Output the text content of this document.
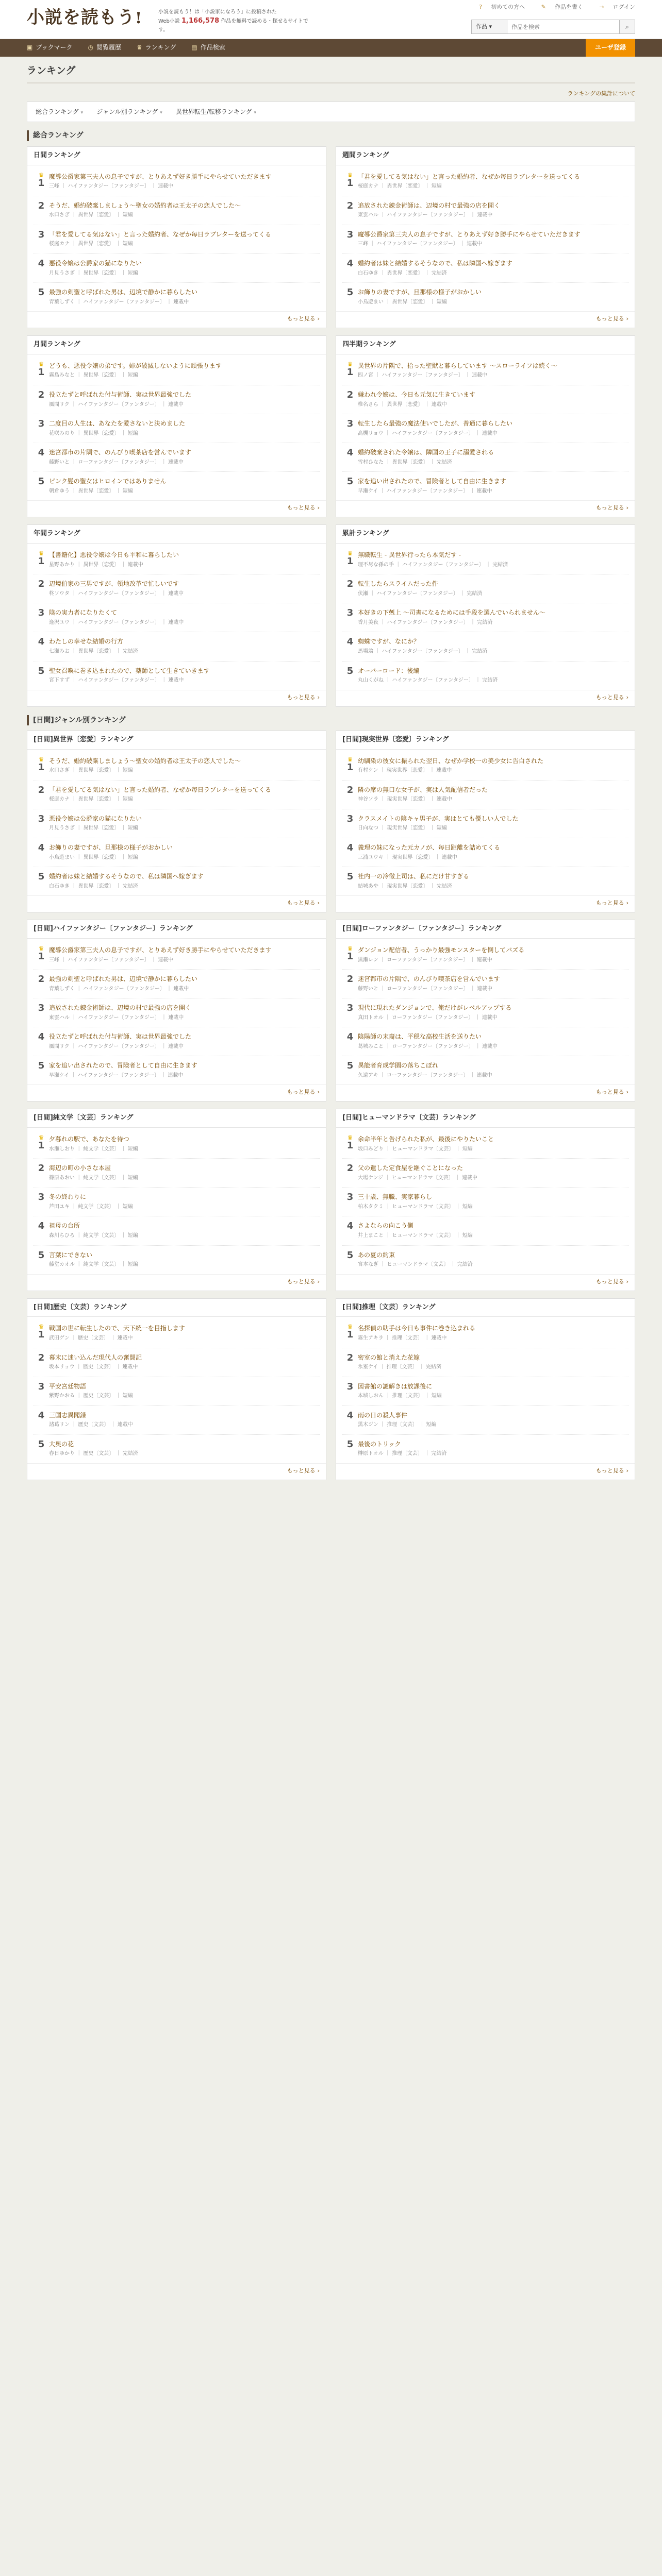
小説を読もう!	小説を読もう！は「小説家になろう」に投稿された
Web小説 1,166,578 作品を無料で読める・探せるサイトです。
? 初めての方へ	✎ 作品を書く	→ ログイン
作品 ▾
作品を検索	⌕
▣ ブックマーク	◷ 閲覧履歴	♛ ランキング	▤ 作品検索	ユーザ登録
ランキング
ランキングの集計について
総合ランキング ▾ ジャンル別ランキング ▾ 異世界転生/転移ランキング ▾
総合ランキング
日間ランキング
♛
1
魔導公爵家第三夫人の息子ですが、とりあえず好き勝手にやらせていただきます
三峰 ｜ ハイファンタジー〔ファンタジー〕 ｜ 連載中
2 そうだ、婚約破棄しましょう～聖女の婚約者は王太子の恋人でした～
水口さぎ ｜ 異世界〔恋愛〕 ｜ 短編
3 「君を愛してる気はない」と言った婚約者、なぜか毎日ラブレターを送ってくる
桜庭カナ ｜ 異世界〔恋愛〕 ｜ 短編
4 悪役令嬢は公爵家の猫になりたい
月見うさぎ ｜ 異世界〔恋愛〕 ｜ 短編
5 最強の剣聖と呼ばれた男は、辺境で静かに暮らしたい
青葉しずく ｜ ハイファンタジー〔ファンタジー〕 ｜ 連載中
もっと見る ›
週間ランキング
♛
1
「君を愛してる気はない」と言った婚約者、なぜか毎日ラブレターを送ってくる
桜庭カナ ｜ 異世界〔恋愛〕 ｜ 短編
2 追放された錬金術師は、辺境の村で最強の店を開く
東雲ハル ｜ ハイファンタジー〔ファンタジー〕 ｜ 連載中
3 魔導公爵家第三夫人の息子ですが、とりあえず好き勝手にやらせていただきます
三峰 ｜ ハイファンタジー〔ファンタジー〕 ｜ 連載中
4 婚約者は妹と結婚するそうなので、私は隣国へ嫁ぎます
白石ゆき ｜ 異世界〔恋愛〕 ｜ 完結済
5 お飾りの妻ですが、旦那様の様子がおかしい
小鳥遊まい ｜ 異世界〔恋愛〕 ｜ 短編
もっと見る ›
月間ランキング
♛
1
どうも、悪役令嬢の弟です。姉が破滅しないように頑張ります
霧島みなと ｜ 異世界〔恋愛〕 ｜ 短編
2 役立たずと呼ばれた付与術師、実は世界最強でした
風間リク ｜ ハイファンタジー〔ファンタジー〕 ｜ 連載中
3 二度目の人生は、あなたを愛さないと決めました
花咲みのり ｜ 異世界〔恋愛〕 ｜ 短編
4 迷宮都市の片隅で、のんびり喫茶店を営んでいます
藤野いと ｜ ローファンタジー〔ファンタジー〕 ｜ 連載中
5 ピンク髪の聖女はヒロインではありません
朝倉ゆう ｜ 異世界〔恋愛〕 ｜ 短編
もっと見る ›
四半期ランキング
♛
1
異世界の片隅で、拾った聖獣と暮らしています ～スローライフは続く～
四ノ宮 ｜ ハイファンタジー〔ファンタジー〕 ｜ 連載中
2 嫌われ令嬢は、今日も元気に生きています
椎名さら ｜ 異世界〔恋愛〕 ｜ 連載中
3 転生したら最強の魔法使いでしたが、普通に暮らしたい
高槻リョウ ｜ ハイファンタジー〔ファンタジー〕 ｜ 連載中
4 婚約破棄された令嬢は、隣国の王子に溺愛される
雪村ひなた ｜ 異世界〔恋愛〕 ｜ 完結済
5 家を追い出されたので、冒険者として自由に生きます
早瀬ケイ ｜ ハイファンタジー〔ファンタジー〕 ｜ 連載中
もっと見る ›
年間ランキング
♛
1
【書籍化】悪役令嬢は今日も平和に暮らしたい
星野あかり ｜ 異世界〔恋愛〕 ｜ 連載中
2 辺境伯家の三男ですが、領地改革で忙しいです
柊ソウタ ｜ ハイファンタジー〔ファンタジー〕 ｜ 連載中
3 陰の実力者になりたくて
逢沢ユウ ｜ ハイファンタジー〔ファンタジー〕 ｜ 連載中
4 わたしの幸せな結婚の行方
七瀬みお ｜ 異世界〔恋愛〕 ｜ 完結済
5 聖女召喚に巻き込まれたので、薬師として生きていきます
宮下すず ｜ ハイファンタジー〔ファンタジー〕 ｜ 連載中
もっと見る ›
累計ランキング
♛
1
無職転生 - 異世界行ったら本気だす -
理不尽な孫の手 ｜ ハイファンタジー〔ファンタジー〕 ｜ 完結済
2 転生したらスライムだった件
伏瀬 ｜ ハイファンタジー〔ファンタジー〕 ｜ 完結済
3 本好きの下剋上 ～司書になるためには手段を選んでいられません～
香月美夜 ｜ ハイファンタジー〔ファンタジー〕 ｜ 完結済
4 蜘蛛ですが、なにか？
馬場翁 ｜ ハイファンタジー〔ファンタジー〕 ｜ 完結済
5 オーバーロード：後編
丸山くがね ｜ ハイファンタジー〔ファンタジー〕 ｜ 完結済
もっと見る ›
[日間]ジャンル別ランキング
[日間]異世界〔恋愛〕ランキング
♛
1
そうだ、婚約破棄しましょう～聖女の婚約者は王太子の恋人でした～
水口さぎ ｜ 異世界〔恋愛〕 ｜ 短編
2 「君を愛してる気はない」と言った婚約者、なぜか毎日ラブレターを送ってくる
桜庭カナ ｜ 異世界〔恋愛〕 ｜ 短編
3 悪役令嬢は公爵家の猫になりたい
月見うさぎ ｜ 異世界〔恋愛〕 ｜ 短編
4 お飾りの妻ですが、旦那様の様子がおかしい
小鳥遊まい ｜ 異世界〔恋愛〕 ｜ 短編
5 婚約者は妹と結婚するそうなので、私は隣国へ嫁ぎます
白石ゆき ｜ 異世界〔恋愛〕 ｜ 完結済
もっと見る ›
[日間]現実世界〔恋愛〕ランキング
♛
1
幼馴染の彼女に振られた翌日、なぜか学校一の美少女に告白された
有村ケン ｜ 現実世界〔恋愛〕 ｜ 連載中
2 隣の席の無口な女子が、実は人気配信者だった
神谷ソラ ｜ 現実世界〔恋愛〕 ｜ 連載中
3 クラスメイトの陰キャ男子が、実はとても優しい人でした
日向なつ ｜ 現実世界〔恋愛〕 ｜ 短編
4 義理の妹になった元カノが、毎日距離を詰めてくる
三浦ユウキ ｜ 現実世界〔恋愛〕 ｜ 連載中
5 社内一の冷徹上司は、私にだけ甘すぎる
結城あや ｜ 現実世界〔恋愛〕 ｜ 完結済
もっと見る ›
[日間]ハイファンタジー〔ファンタジー〕ランキング
♛
1
魔導公爵家第三夫人の息子ですが、とりあえず好き勝手にやらせていただきます
三峰 ｜ ハイファンタジー〔ファンタジー〕 ｜ 連載中
2 最強の剣聖と呼ばれた男は、辺境で静かに暮らしたい
青葉しずく ｜ ハイファンタジー〔ファンタジー〕 ｜ 連載中
3 追放された錬金術師は、辺境の村で最強の店を開く
東雲ハル ｜ ハイファンタジー〔ファンタジー〕 ｜ 連載中
4 役立たずと呼ばれた付与術師、実は世界最強でした
風間リク ｜ ハイファンタジー〔ファンタジー〕 ｜ 連載中
5 家を追い出されたので、冒険者として自由に生きます
早瀬ケイ ｜ ハイファンタジー〔ファンタジー〕 ｜ 連載中
もっと見る ›
[日間]ローファンタジー〔ファンタジー〕ランキング
♛
1
ダンジョン配信者、うっかり最強モンスターを倒してバズる
黒瀬レン ｜ ローファンタジー〔ファンタジー〕 ｜ 連載中
2 迷宮都市の片隅で、のんびり喫茶店を営んでいます
藤野いと ｜ ローファンタジー〔ファンタジー〕 ｜ 連載中
3 現代に現れたダンジョンで、俺だけがレベルアップする
真田トオル ｜ ローファンタジー〔ファンタジー〕 ｜ 連載中
4 陰陽師の末裔は、平穏な高校生活を送りたい
葛城みこと ｜ ローファンタジー〔ファンタジー〕 ｜ 連載中
5 異能者育成学園の落ちこぼれ
久遠アキ ｜ ローファンタジー〔ファンタジー〕 ｜ 連載中
もっと見る ›
[日間]純文学〔文芸〕ランキング
♛
1
夕暮れの駅で、あなたを待つ
水瀬しおり ｜ 純文学〔文芸〕 ｜ 短編
2 海辺の町の小さな本屋
篠原あおい ｜ 純文学〔文芸〕 ｜ 短編
3 冬の終わりに
芦田ユキ ｜ 純文学〔文芸〕 ｜ 短編
4 祖母の台所
森川ちひろ ｜ 純文学〔文芸〕 ｜ 短編
5 言葉にできない
藤堂カオル ｜ 純文学〔文芸〕 ｜ 短編
もっと見る ›
[日間]ヒューマンドラマ〔文芸〕ランキング
♛
1
余命半年と告げられた私が、最後にやりたいこと
坂口みどり ｜ ヒューマンドラマ〔文芸〕 ｜ 短編
2 父の遺した定食屋を継ぐことになった
大場ケンジ ｜ ヒューマンドラマ〔文芸〕 ｜ 連載中
3 三十歳、無職、実家暮らし
柏木タクミ ｜ ヒューマンドラマ〔文芸〕 ｜ 短編
4 さよならの向こう側
井上まこと ｜ ヒューマンドラマ〔文芸〕 ｜ 短編
5 あの夏の約束
宮本なぎ ｜ ヒューマンドラマ〔文芸〕 ｜ 完結済
もっと見る ›
[日間]歴史〔文芸〕ランキング
♛
1
戦国の世に転生したので、天下統一を目指します
武田ゲン ｜ 歴史〔文芸〕 ｜ 連載中
2 幕末に迷い込んだ現代人の奮闘記
坂本リョウ ｜ 歴史〔文芸〕 ｜ 連載中
3 平安宮廷物語
紫野かおる ｜ 歴史〔文芸〕 ｜ 短編
4 三国志異聞録
諸葛リン ｜ 歴史〔文芸〕 ｜ 連載中
5 大奥の花
春日ゆかり ｜ 歴史〔文芸〕 ｜ 完結済
もっと見る ›
[日間]推理〔文芸〕ランキング
♛
1
名探偵の助手は今日も事件に巻き込まれる
霧生アキラ ｜ 推理〔文芸〕 ｜ 連載中
2 密室の館と消えた花嫁
氷室ケイ ｜ 推理〔文芸〕 ｜ 完結済
3 図書館の謎解きは放課後に
本城しおん ｜ 推理〔文芸〕 ｜ 短編
4 雨の日の殺人事件
黒木ジン ｜ 推理〔文芸〕 ｜ 短編
5 最後のトリック
榊原トオル ｜ 推理〔文芸〕 ｜ 完結済
もっと見る ›
